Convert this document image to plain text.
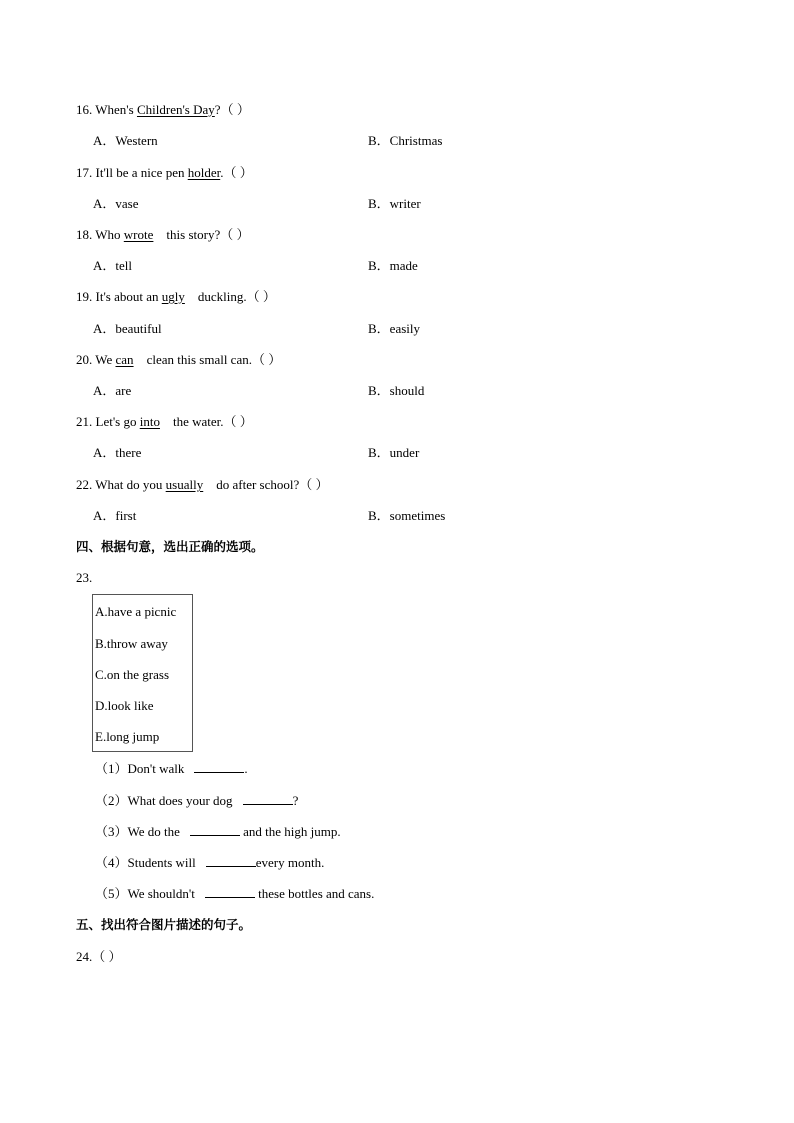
16. When's Children's Day?（ ）
A．Western	B．Christmas
17. It'll be a nice pen holder.（ ）
A．vase	B．writer
18. Who wrote    this story?（ ）
A．tell	B．made
19. It's about an ugly    duckling.（ ）
A．beautiful	B．easily
20. We can    clean this small can.（ ）
A．are	B．should
21. Let's go into    the water.（ ）
A．there	B．under
22. What do you usually    do after school?（ ）
A．first	B．sometimes
四、根据句意，选出正确的选项。
23.
A.have a picnic
B.throw away
C.on the grass
D.look like
E.long jump
（1）Don't walk	.
（2）What does your dog	?
（3）We do the	and the high jump.
（4）Students will	every month.
（5）We shouldn't	these bottles and cans.
五、找出符合图片描述的句子。
24.（ ）
